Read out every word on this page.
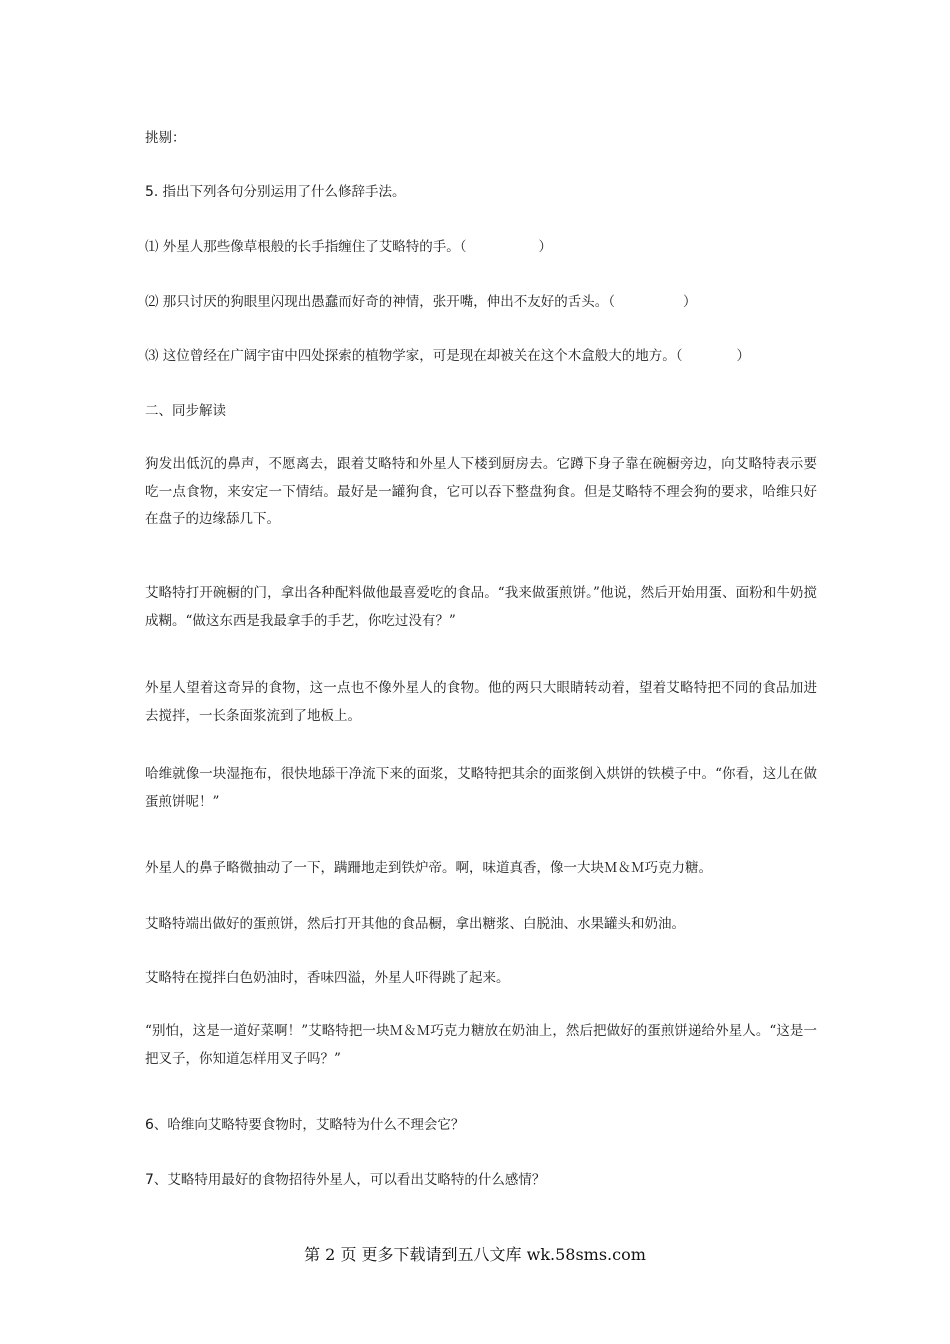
挑剔：
5. 指出下列各句分别运用了什么修辞手法。
⑴ 外星人那些像草根般的长手指缠住了艾略特的手。（	）
⑵ 那只讨厌的狗眼里闪现出愚蠢而好奇的神情，张开嘴，伸出不友好的舌头。（	）
⑶ 这位曾经在广阔宇宙中四处探索的植物学家，可是现在却被关在这个木盒般大的地方。（	）
二、同步解读
狗发出低沉的鼻声，不愿离去，跟着艾略特和外星人下楼到厨房去。它蹲下身子靠在碗橱旁边，向艾略特表示要吃一点食物，来安定一下情结。最好是一罐狗食，它可以吞下整盘狗食。但是艾略特不理会狗的要求，哈维只好在盘子的边缘舔几下。
艾略特打开碗橱的门，拿出各种配料做他最喜爱吃的食品。“我来做蛋煎饼。”他说，然后开始用蛋、面粉和牛奶搅成糊。“做这东西是我最拿手的手艺，你吃过没有？”
外星人望着这奇异的食物，这一点也不像外星人的食物。他的两只大眼睛转动着，望着艾略特把不同的食品加进去搅拌，一长条面浆流到了地板上。
哈维就像一块湿拖布，很快地舔干净流下来的面浆，艾略特把其余的面浆倒入烘饼的铁模子中。“你看，这儿在做蛋煎饼呢！”
外星人的鼻子略微抽动了一下，蹒跚地走到铁炉帝。啊，味道真香，像一大块Ｍ＆Ｍ巧克力糖。
艾略特端出做好的蛋煎饼，然后打开其他的食品橱，拿出糖浆、白脱油、水果罐头和奶油。
艾略特在搅拌白色奶油时，香味四溢，外星人吓得跳了起来。
“别怕，这是一道好菜啊！”艾略特把一块Ｍ＆Ｍ巧克力糖放在奶油上，然后把做好的蛋煎饼递给外星人。“这是一把叉子，你知道怎样用叉子吗？”
6、哈维向艾略特要食物时，艾略特为什么不理会它？
7、艾略特用最好的食物招待外星人，可以看出艾略特的什么感情？
第 2 页 更多下载请到五八文库 wk.58sms.com
